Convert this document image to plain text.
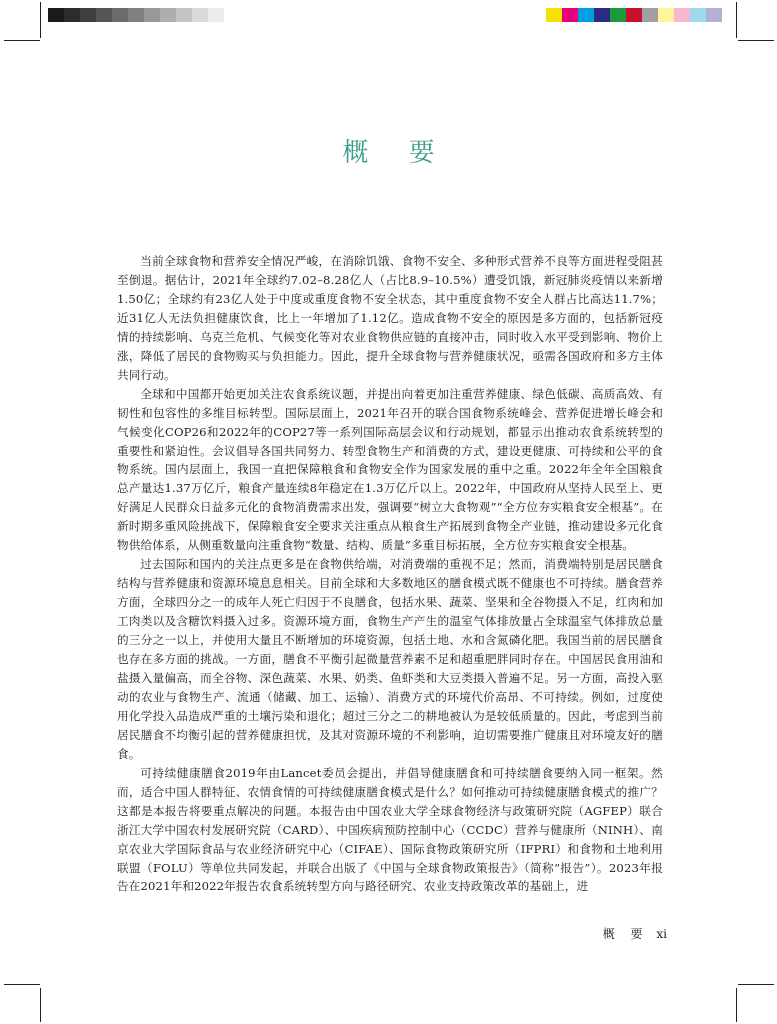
概 要

当前全球食物和营养安全情况严峻，在消除饥饿、食物不安全、多种形式营养不良等方面进程受阻甚至倒退。据估计，2021年全球约7.02–8.28亿人（占比8.9–10.5%）遭受饥饿，新冠肺炎疫情以来新增1.50亿；全球约有23亿人处于中度或重度食物不安全状态，其中重度食物不安全人群占比高达11.7%；近31亿人无法负担健康饮食，比上一年增加了1.12亿。造成食物不安全的原因是多方面的，包括新冠疫情的持续影响、乌克兰危机、气候变化等对农业食物供应链的直接冲击，同时收入水平受到影响、物价上涨，降低了居民的食物购买与负担能力。因此，提升全球食物与营养健康状况，亟需各国政府和多方主体共同行动。

全球和中国都开始更加关注农食系统议题，并提出向着更加注重营养健康、绿色低碳、高质高效、有韧性和包容性的多维目标转型。国际层面上，2021年召开的联合国食物系统峰会、营养促进增长峰会和气候变化COP26和2022年的COP27等一系列国际高层会议和行动规划，都显示出推动农食系统转型的重要性和紧迫性。会议倡导各国共同努力、转型食物生产和消费的方式，建设更健康、可持续和公平的食物系统。国内层面上，我国一直把保障粮食和食物安全作为国家发展的重中之重。2022年全年全国粮食总产量达1.37万亿斤，粮食产量连续8年稳定在1.3万亿斤以上。2022年，中国政府从坚持人民至上、更好满足人民群众日益多元化的食物消费需求出发，强调要“树立大食物观”“全方位夯实粮食安全根基”。在新时期多重风险挑战下，保障粮食安全要求关注重点从粮食生产拓展到食物全产业链，推动建设多元化食物供给体系，从侧重数量向注重食物“数量、结构、质量”多重目标拓展，全方位夯实粮食安全根基。

过去国际和国内的关注点更多是在食物供给端，对消费端的重视不足；然而，消费端特别是居民膳食结构与营养健康和资源环境息息相关。目前全球和大多数地区的膳食模式既不健康也不可持续。膳食营养方面，全球四分之一的成年人死亡归因于不良膳食，包括水果、蔬菜、坚果和全谷物摄入不足，红肉和加工肉类以及含糖饮料摄入过多。资源环境方面，食物生产产生的温室气体排放量占全球温室气体排放总量的三分之一以上，并使用大量且不断增加的环境资源，包括土地、水和含氮磷化肥。我国当前的居民膳食也存在多方面的挑战。一方面，膳食不平衡引起微量营养素不足和超重肥胖同时存在。中国居民食用油和盐摄入量偏高，而全谷物、深色蔬菜、水果、奶类、鱼虾类和大豆类摄入普遍不足。另一方面，高投入驱动的农业与食物生产、流通（储藏、加工、运输）、消费方式的环境代价高昂、不可持续。例如，过度使用化学投入品造成严重的土壤污染和退化；超过三分之二的耕地被认为是较低质量的。因此，考虑到当前居民膳食不均衡引起的营养健康担忧，及其对资源环境的不利影响，迫切需要推广健康且对环境友好的膳食。

可持续健康膳食2019年由Lancet委员会提出，并倡导健康膳食和可持续膳食要纳入同一框架。然而，适合中国人群特征、农情食情的可持续健康膳食模式是什么？如何推动可持续健康膳食模式的推广？这都是本报告将要重点解决的问题。本报告由中国农业大学全球食物经济与政策研究院（AGFEP）联合浙江大学中国农村发展研究院（CARD）、中国疾病预防控制中心（CCDC）营养与健康所（NINH）、南京农业大学国际食品与农业经济研究中心（CIFAE）、国际食物政策研究所（IFPRI）和食物和土地利用联盟（FOLU）等单位共同发起，并联合出版了《中国与全球食物政策报告》（简称“报告”）。2023年报告在2021年和2022年报告农食系统转型方向与路径研究、农业支持政策改革的基础上，进

概 要 xi
